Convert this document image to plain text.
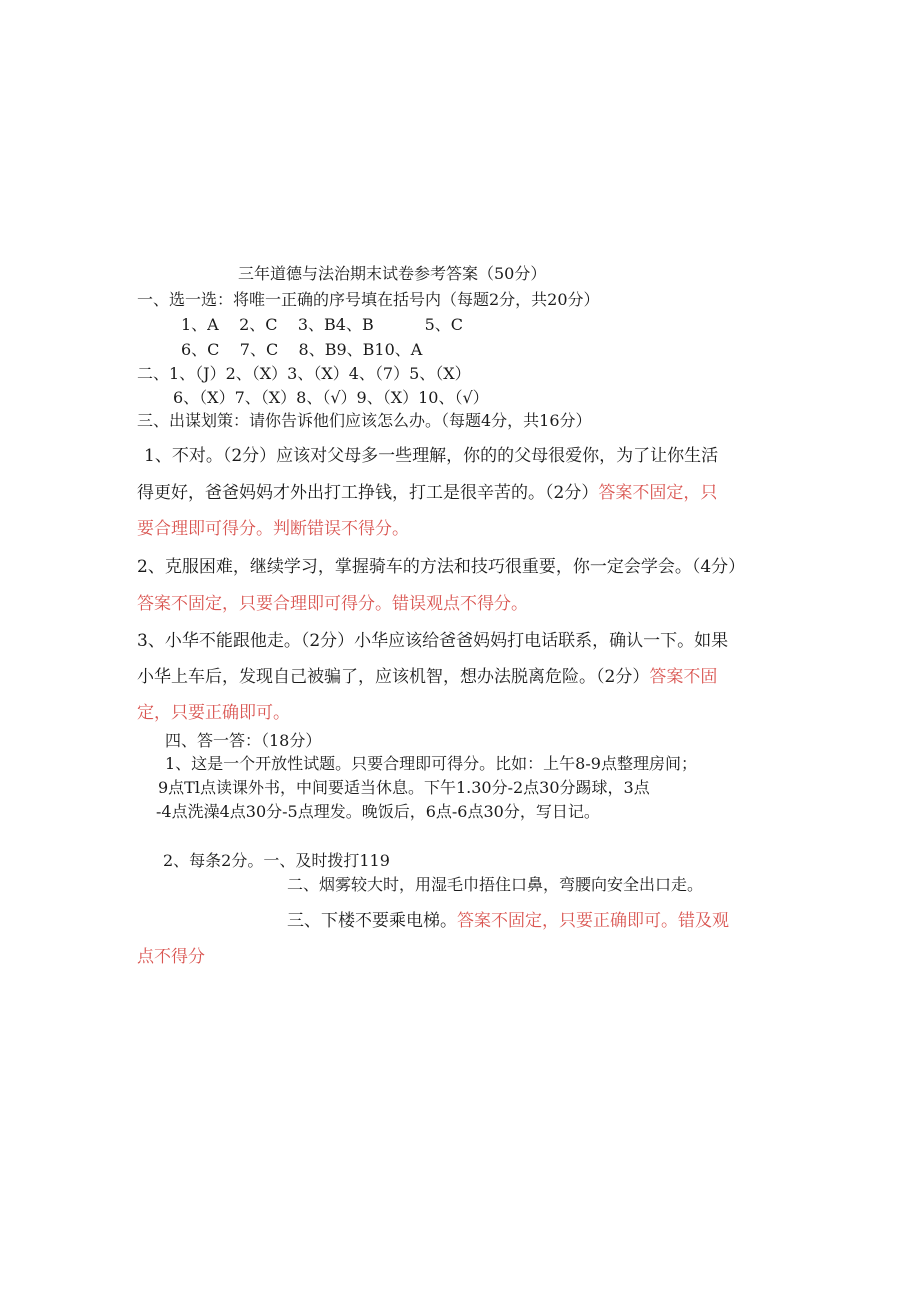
三年道德与法治期末试卷参考答案（50分）
一、选一选：将唯一正确的序号填在括号内（每题2分，共20分）
1、A    2、C    3、B4、B          5、C
6、C    7、C    8、B9、B10、A
二、1、（J）2、（X）3、（X）4、（7）5、（X）
6、（X）7、（X）8、（√）9、（X）10、（√）
三、出谋划策：请你告诉他们应该怎么办。（每题4分，共16分）
1、不对。（2分）应该对父母多一些理解，你的的父母很爱你，为了让你生活
得更好，爸爸妈妈才外出打工挣钱，打工是很辛苦的。（2分）答案不固定，只
要合理即可得分。判断错误不得分。
2、克服困难，继续学习，掌握骑车的方法和技巧很重要，你一定会学会。（4分）
答案不固定，只要合理即可得分。错误观点不得分。
3、小华不能跟他走。（2分）小华应该给爸爸妈妈打电话联系，确认一下。如果
小华上车后，发现自己被骗了，应该机智，想办法脱离危险。（2分）答案不固
定，只要正确即可。
四、答一答：（18分）
1、这是一个开放性试题。只要合理即可得分。比如：上午8-9点整理房间；
9点Tl点读课外书，中间要适当休息。下午1.30分-2点30分踢球，3点
-4点洗澡4点30分-5点理发。晚饭后，6点-6点30分，写日记。
2、每条2分。一、及时拨打119
二、烟雾较大时，用湿毛巾捂住口鼻，弯腰向安全出口走。
三、下楼不要乘电梯。答案不固定，只要正确即可。错及观
点不得分
